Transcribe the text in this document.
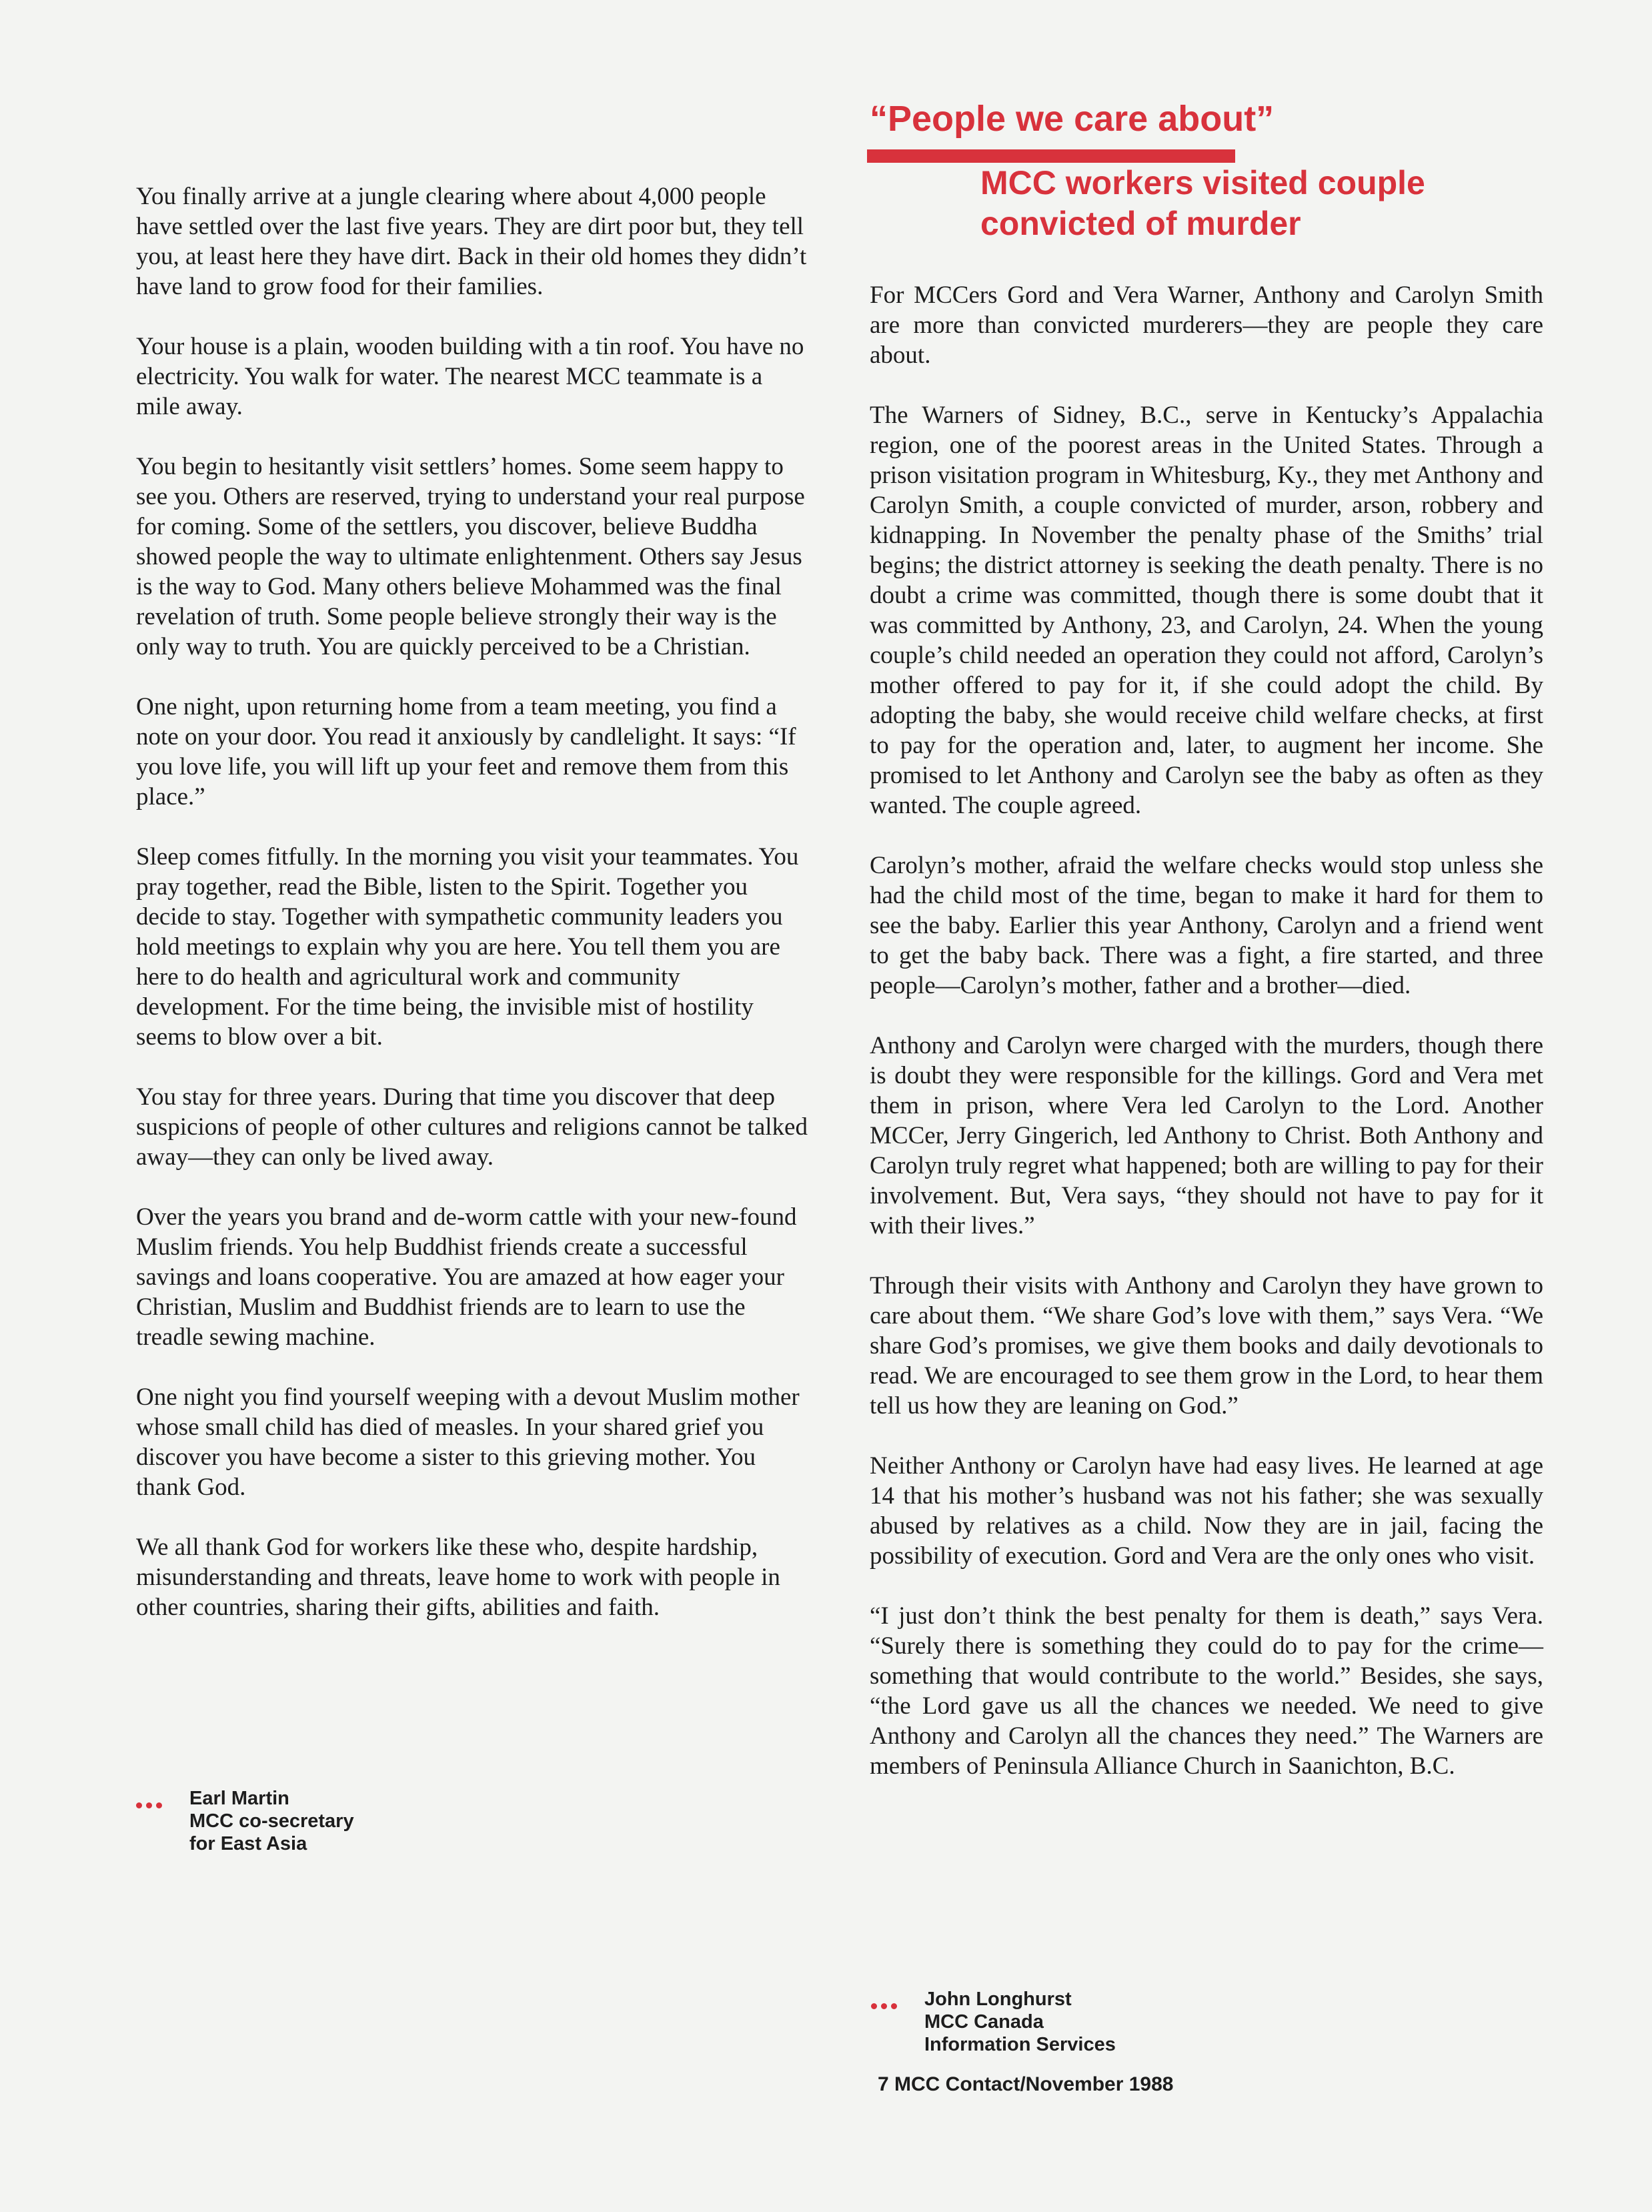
“People we care about”
MCC workers visited couple convicted of murder

You finally arrive at a jungle clearing where about 4,000 people have settled over the last five years. They are dirt poor but, they tell you, at least here they have dirt. Back in their old homes they didn’t have land to grow food for their families.

Your house is a plain, wooden building with a tin roof. You have no electricity. You walk for water. The nearest MCC teammate is a mile away.

You begin to hesitantly visit settlers’ homes. Some seem happy to see you. Others are reserved, trying to understand your real purpose for coming. Some of the settlers, you discover, believe Buddha showed people the way to ultimate enlightenment. Others say Jesus is the way to God. Many others believe Mohammed was the final revelation of truth. Some people believe strongly their way is the only way to truth. You are quickly perceived to be a Christian.

One night, upon returning home from a team meeting, you find a note on your door. You read it anxiously by candlelight. It says: “If you love life, you will lift up your feet and remove them from this place.”

Sleep comes fitfully. In the morning you visit your teammates. You pray together, read the Bible, listen to the Spirit. Together you decide to stay. Together with sympathetic community leaders you hold meetings to explain why you are here. You tell them you are here to do health and agricultural work and community development. For the time being, the invisible mist of hostility seems to blow over a bit.

You stay for three years. During that time you discover that deep suspicions of people of other cultures and religions cannot be talked away—they can only be lived away.

Over the years you brand and de-worm cattle with your new-found Muslim friends. You help Buddhist friends create a successful savings and loans cooperative. You are amazed at how eager your Christian, Muslim and Buddhist friends are to learn to use the treadle sewing machine.

One night you find yourself weeping with a devout Muslim mother whose small child has died of measles. In your shared grief you discover you have become a sister to this grieving mother. You thank God.

We all thank God for workers like these who, despite hardship, misunderstanding and threats, leave home to work with people in other countries, sharing their gifts, abilities and faith.

Earl Martin
MCC co-secretary
for East Asia

For MCCers Gord and Vera Warner, Anthony and Carolyn Smith are more than convicted murderers—they are people they care about.

The Warners of Sidney, B.C., serve in Kentucky’s Appalachia region, one of the poorest areas in the United States. Through a prison visitation program in Whitesburg, Ky., they met Anthony and Carolyn Smith, a couple convicted of murder, arson, robbery and kidnapping. In November the penalty phase of the Smiths’ trial begins; the district attorney is seeking the death penalty. There is no doubt a crime was committed, though there is some doubt that it was committed by Anthony, 23, and Carolyn, 24. When the young couple’s child needed an operation they could not afford, Carolyn’s mother offered to pay for it, if she could adopt the child. By adopting the baby, she would receive child welfare checks, at first to pay for the operation and, later, to augment her income. She promised to let Anthony and Carolyn see the baby as often as they wanted. The couple agreed.

Carolyn’s mother, afraid the welfare checks would stop unless she had the child most of the time, began to make it hard for them to see the baby. Earlier this year Anthony, Carolyn and a friend went to get the baby back. There was a fight, a fire started, and three people—Carolyn’s mother, father and a brother—died.

Anthony and Carolyn were charged with the murders, though there is doubt they were responsible for the killings. Gord and Vera met them in prison, where Vera led Carolyn to the Lord. Another MCCer, Jerry Gingerich, led Anthony to Christ. Both Anthony and Carolyn truly regret what happened; both are willing to pay for their involvement. But, Vera says, “they should not have to pay for it with their lives.”

Through their visits with Anthony and Carolyn they have grown to care about them. “We share God’s love with them,” says Vera. “We share God’s promises, we give them books and daily devotionals to read. We are encouraged to see them grow in the Lord, to hear them tell us how they are leaning on God.”

Neither Anthony or Carolyn have had easy lives. He learned at age 14 that his mother’s husband was not his father; she was sexually abused by relatives as a child. Now they are in jail, facing the possibility of execution. Gord and Vera are the only ones who visit.

“I just don’t think the best penalty for them is death,” says Vera. “Surely there is something they could do to pay for the crime— something that would contribute to the world.” Besides, she says, “the Lord gave us all the chances we needed. We need to give Anthony and Carolyn all the chances they need.” The Warners are members of Peninsula Alliance Church in Saanichton, B.C.

John Longhurst
MCC Canada
Information Services
7 MCC Contact/November 1988
